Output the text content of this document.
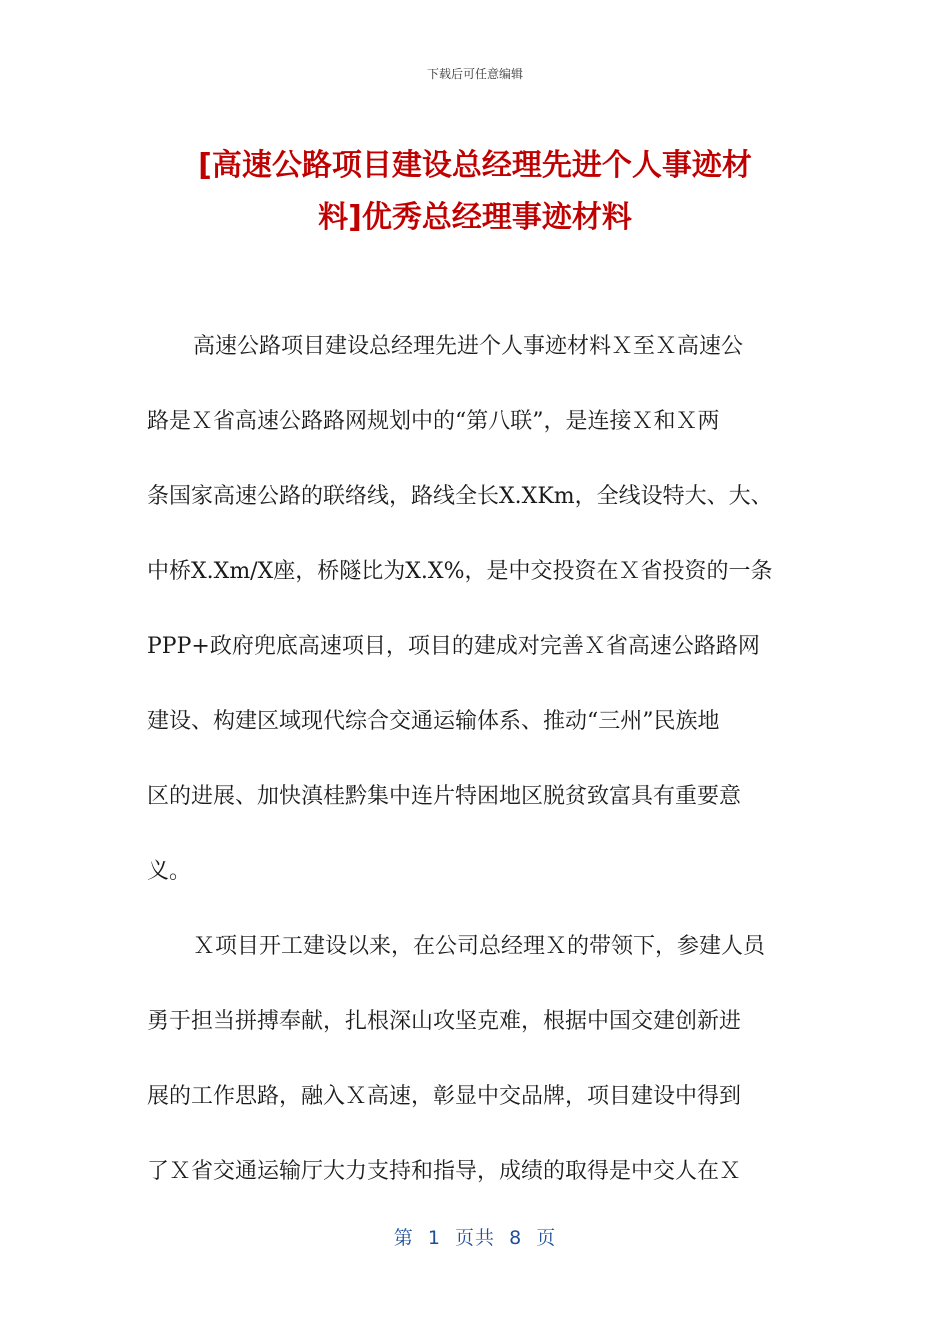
下载后可任意编辑
[高速公路项目建设总经理先进个人事迹材
料]优秀总经理事迹材料
高速公路项目建设总经理先进个人事迹材料Ｘ至Ｘ高速公
路是Ｘ省高速公路路网规划中的“第八联”，是连接Ｘ和Ｘ两
条国家高速公路的联络线，路线全长X.XKm，全线设特大、大、
中桥X.Xm/X座，桥隧比为X.X%，是中交投资在Ｘ省投资的一条
PPP+政府兜底高速项目，项目的建成对完善Ｘ省高速公路路网
建设、构建区域现代综合交通运输体系、推动“三州”民族地
区的进展、加快滇桂黔集中连片特困地区脱贫致富具有重要意
义。
Ｘ项目开工建设以来，在公司总经理Ｘ的带领下，参建人员
勇于担当拼搏奉献，扎根深山攻坚克难，根据中国交建创新进
展的工作思路，融入Ｘ高速，彰显中交品牌，项目建设中得到
了Ｘ省交通运输厅大力支持和指导，成绩的取得是中交人在Ｘ
第  1  页共  8  页
